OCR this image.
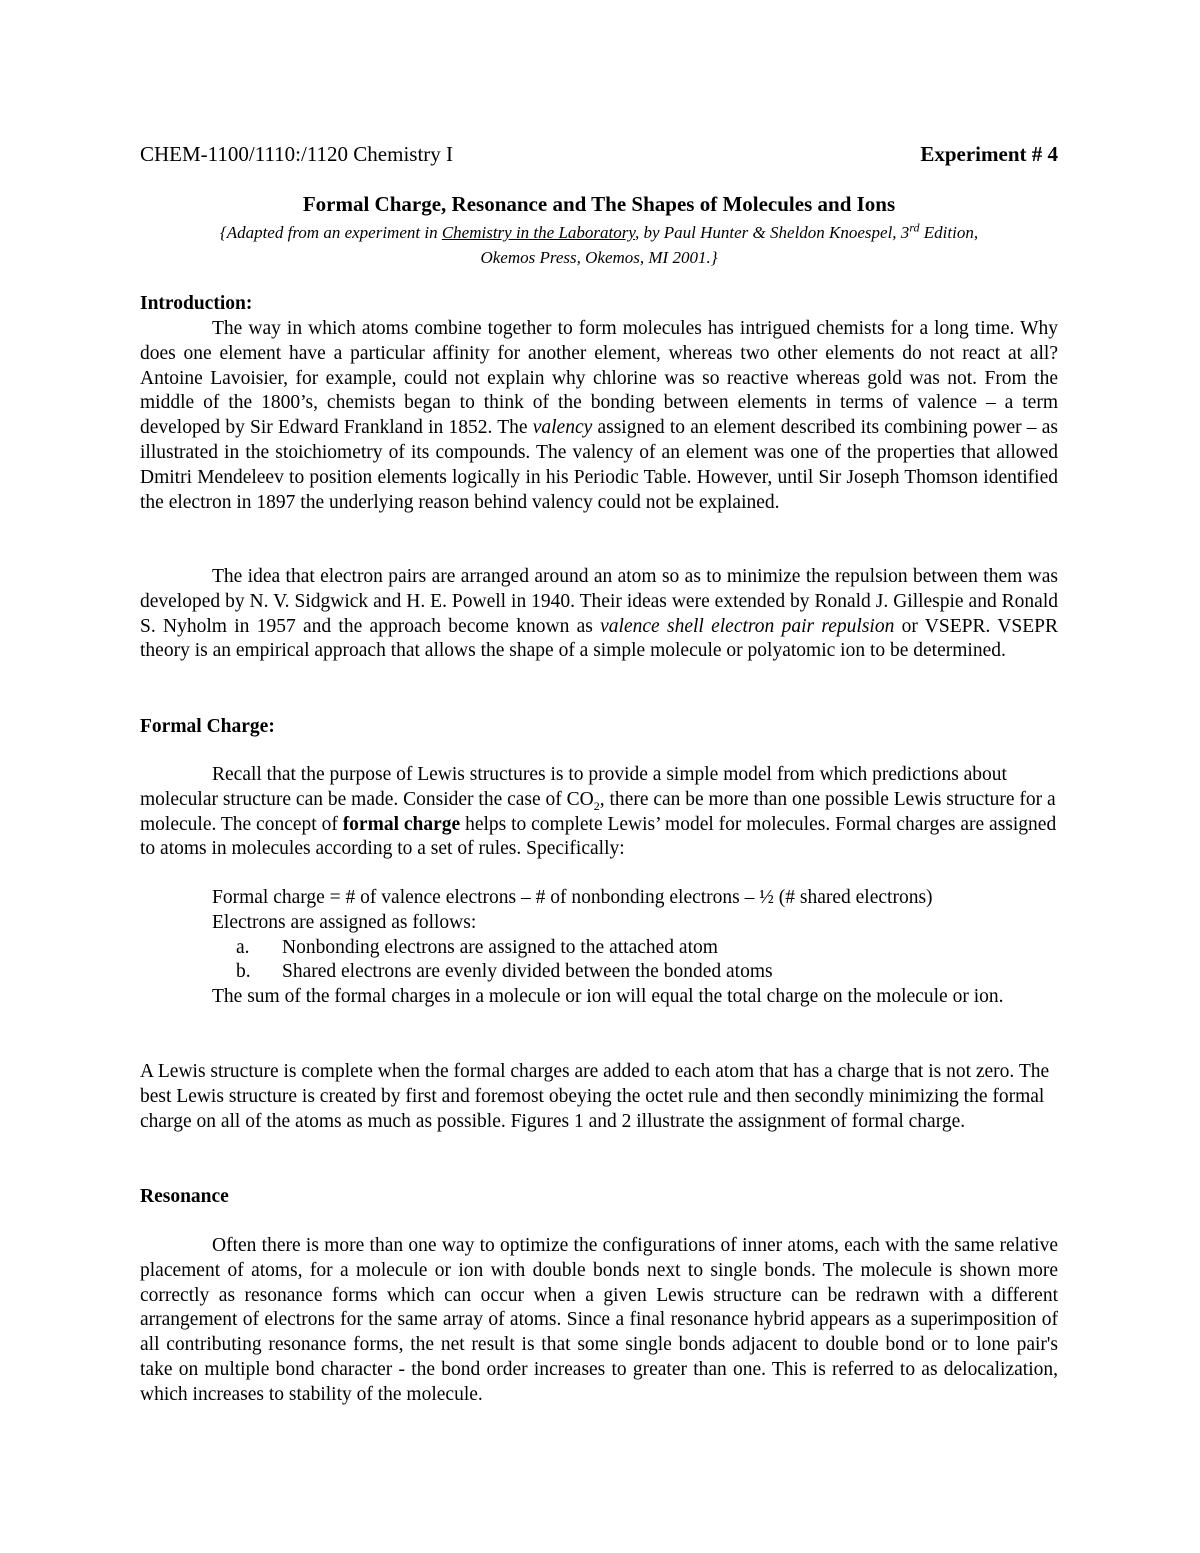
CHEM-1100/1110:/1120 Chemistry I	Experiment # 4
Formal Charge, Resonance and The Shapes of Molecules and Ions
{Adapted from an experiment in Chemistry in the Laboratory, by Paul Hunter & Sheldon Knoespel, 3rd Edition,
Okemos Press, Okemos, MI 2001.}
Introduction:
The way in which atoms combine together to form molecules has intrigued chemists for a long time. Why does one element have a particular affinity for another element, whereas two other elements do not react at all? Antoine Lavoisier, for example, could not explain why chlorine was so reactive whereas gold was not. From the middle of the 1800’s, chemists began to think of the bonding between elements in terms of valence – a term developed by Sir Edward Frankland in 1852. The valency assigned to an element described its combining power – as illustrated in the stoichiometry of its compounds. The valency of an element was one of the properties that allowed Dmitri Mendeleev to position elements logically in his Periodic Table. However, until Sir Joseph Thomson identified the electron in 1897 the underlying reason behind valency could not be explained.
The idea that electron pairs are arranged around an atom so as to minimize the repulsion between them was developed by N. V. Sidgwick and H. E. Powell in 1940. Their ideas were extended by Ronald J. Gillespie and Ronald S. Nyholm in 1957 and the approach become known as valence shell electron pair repulsion or VSEPR. VSEPR theory is an empirical approach that allows the shape of a simple molecule or polyatomic ion to be determined.
Formal Charge:
Recall that the purpose of Lewis structures is to provide a simple model from which predictions about molecular structure can be made. Consider the case of $CO_2$, there can be more than one possible Lewis structure for a molecule. The concept of formal charge helps to complete Lewis’ model for molecules. Formal charges are assigned to atoms in molecules according to a set of rules. Specifically:
Formal charge = # of valence electrons – # of nonbonding electrons – ½ (# shared electrons)
Electrons are assigned as follows:
a.	Nonbonding electrons are assigned to the attached atom
b.	Shared electrons are evenly divided between the bonded atoms
The sum of the formal charges in a molecule or ion will equal the total charge on the molecule or ion.
A Lewis structure is complete when the formal charges are added to each atom that has a charge that is not zero. The best Lewis structure is created by first and foremost obeying the octet rule and then secondly minimizing the formal charge on all of the atoms as much as possible. Figures 1 and 2 illustrate the assignment of formal charge.
Resonance
Often there is more than one way to optimize the configurations of inner atoms, each with the same relative placement of atoms, for a molecule or ion with double bonds next to single bonds. The molecule is shown more correctly as resonance forms which can occur when a given Lewis structure can be redrawn with a different arrangement of electrons for the same array of atoms. Since a final resonance hybrid appears as a superimposition of all contributing resonance forms, the net result is that some single bonds adjacent to double bond or to lone pair's take on multiple bond character - the bond order increases to greater than one. This is referred to as delocalization, which increases to stability of the molecule.
